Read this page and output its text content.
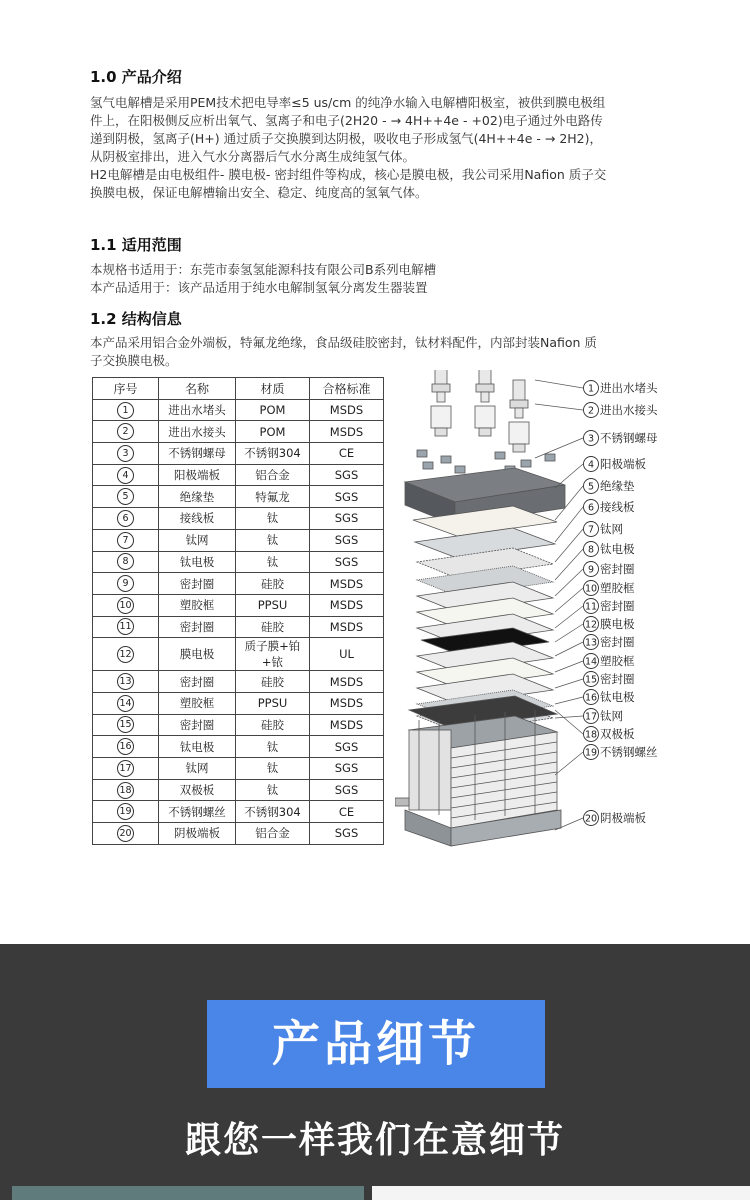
1.0 产品介绍

氢气电解槽是采用PEM技术把电导率≤5 us/cm 的纯净水输入电解槽阳极室，被供到膜电极组件上，在阳极侧反应析出氧气、氢离子和电子(2H20 - → 4H++4e - +02)电子通过外电路传递到阴极，氢离子(H+) 通过质子交换膜到达阴极，吸收电子形成氢气(4H++4e - → 2H2)，从阴极室排出，进入气水分离器后气水分离生成纯氢气体。

H2电解槽是由电极组件- 膜电极- 密封组件等构成，核心是膜电极，我公司采用Nafion 质子交换膜电极，保证电解槽输出安全、稳定、纯度高的氢氧气体。

1.1 适用范围

本规格书适用于：东莞市泰氢氢能源科技有限公司B系列电解槽

本产品适用于：该产品适用于纯水电解制氢氧分离发生器装置

1.2 结构信息
本产品采用铝合金外端板，特氟龙绝缘，食品级硅胶密封，钛材料配件，内部封装Nafion 质子交换膜电极。
序号	名称	材质	合格标准
1	进出水堵头	POM	MSDS
2	进出水接头	POM	MSDS
3	不锈钢螺母	不锈钢304	CE
4	阳极端板	铝合金	SGS
5	绝缘垫	特氟龙	SGS
6	接线板	钛	SGS
7	钛网	钛	SGS
8	钛电极	钛	SGS
9	密封圈	硅胶	MSDS
10	塑胶框	PPSU	MSDS
11	密封圈	硅胶	MSDS
12	膜电极	质子膜+铂+铱	UL
13	密封圈	硅胶	MSDS
14	塑胶框	PPSU	MSDS
15	密封圈	硅胶	MSDS
16	钛电极	钛	SGS
17	钛网	钛	SGS
18	双极板	钛	SGS
19	不锈钢螺丝	不锈钢304	CE
20	阴极端板	铝合金	SGS
1 进出水堵头
2 进出水接头
3 不锈钢螺母
4 阳极端板
5 绝缘垫
6 接线板
7 钛网
8 钛电极
9 密封圈
10 塑胶框
11 密封圈
12 膜电极
13 密封圈
14 塑胶框
15 密封圈
16 钛电极
17 钛网
18 双极板
19 不锈钢螺丝
20 阴极端板
产品细节
跟您一样我们在意细节
